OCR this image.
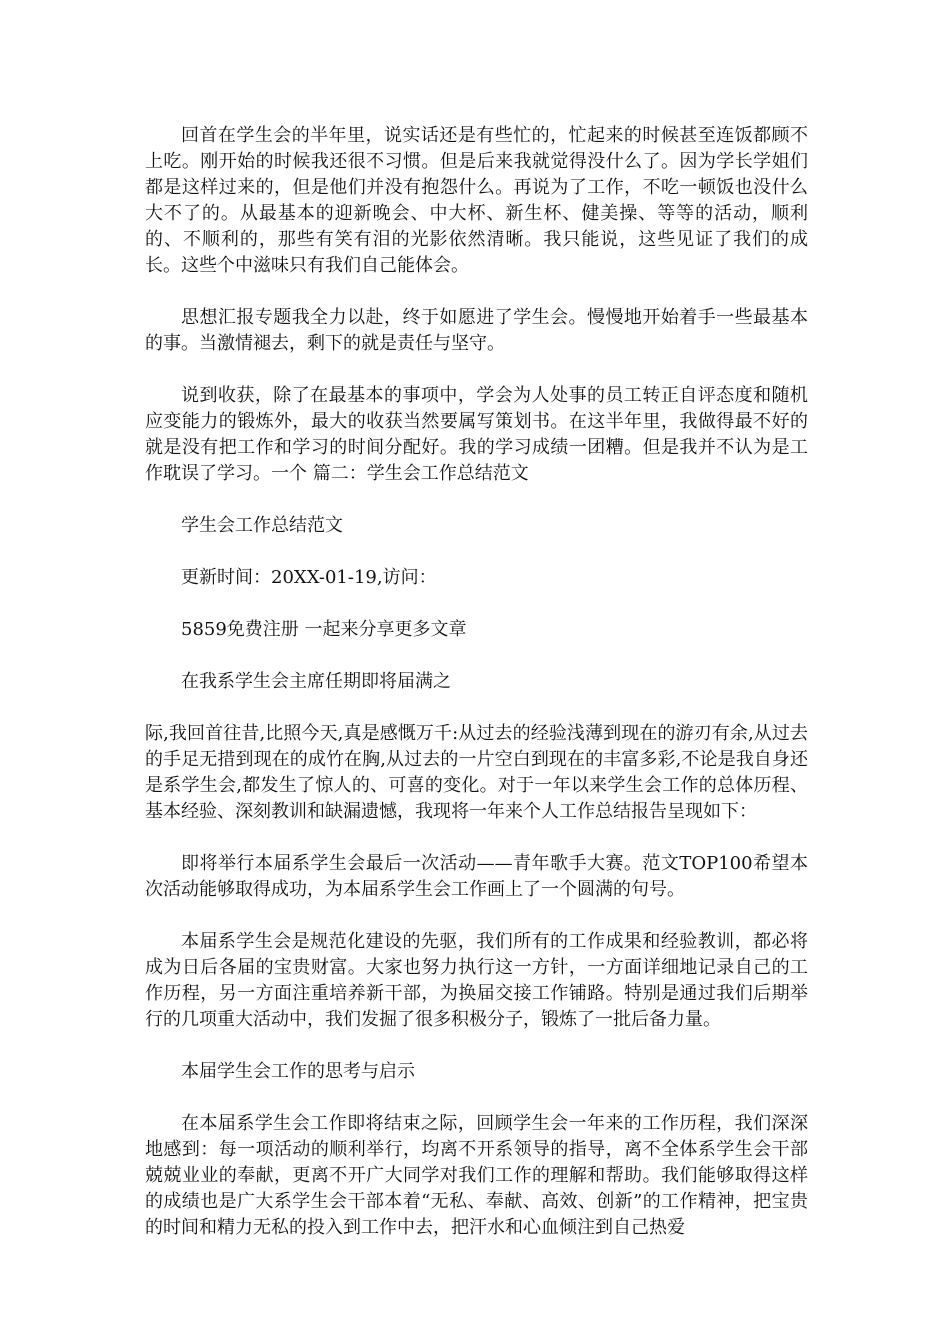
回首在学生会的半年里，说实话还是有些忙的，忙起来的时候甚至连饭都顾不上吃。刚开始的时候我还很不习惯。但是后来我就觉得没什么了。因为学长学姐们都是这样过来的，但是他们并没有抱怨什么。再说为了工作，不吃一顿饭也没什么大不了的。从最基本的迎新晚会、中大杯、新生杯、健美操、等等的活动，顺利的、不顺利的，那些有笑有泪的光影依然清晰。我只能说，这些见证了我们的成长。这些个中滋味只有我们自己能体会。

思想汇报专题我全力以赴，终于如愿进了学生会。慢慢地开始着手一些最基本的事。当激情褪去，剩下的就是责任与坚守。

说到收获，除了在最基本的事项中，学会为人处事的员工转正自评态度和随机应变能力的锻炼外，最大的收获当然要属写策划书。在这半年里，我做得最不好的就是没有把工作和学习的时间分配好。我的学习成绩一团糟。但是我并不认为是工作耽误了学习。一个 篇二：学生会工作总结范文

学生会工作总结范文

更新时间：20XX-01-19,访问：

5859免费注册 一起来分享更多文章

在我系学生会主席任期即将届满之

际,我回首往昔,比照今天,真是感慨万千:从过去的经验浅薄到现在的游刃有余,从过去的手足无措到现在的成竹在胸,从过去的一片空白到现在的丰富多彩,不论是我自身还是系学生会,都发生了惊人的、可喜的变化。对于一年以来学生会工作的总体历程、基本经验、深刻教训和缺漏遗憾，我现将一年来个人工作总结报告呈现如下：

即将举行本届系学生会最后一次活动——青年歌手大赛。范文TOP100希望本次活动能够取得成功，为本届系学生会工作画上了一个圆满的句号。

本届系学生会是规范化建设的先驱，我们所有的工作成果和经验教训，都必将成为日后各届的宝贵财富。大家也努力执行这一方针，一方面详细地记录自己的工作历程，另一方面注重培养新干部，为换届交接工作铺路。特别是通过我们后期举行的几项重大活动中，我们发掘了很多积极分子，锻炼了一批后备力量。

本届学生会工作的思考与启示

在本届系学生会工作即将结束之际，回顾学生会一年来的工作历程，我们深深地感到：每一项活动的顺利举行，均离不开系领导的指导，离不全体系学生会干部兢兢业业的奉献，更离不开广大同学对我们工作的理解和帮助。我们能够取得这样的成绩也是广大系学生会干部本着“无私、奉献、高效、创新”的工作精神，把宝贵的时间和精力无私的投入到工作中去，把汗水和心血倾注到自己热爱
